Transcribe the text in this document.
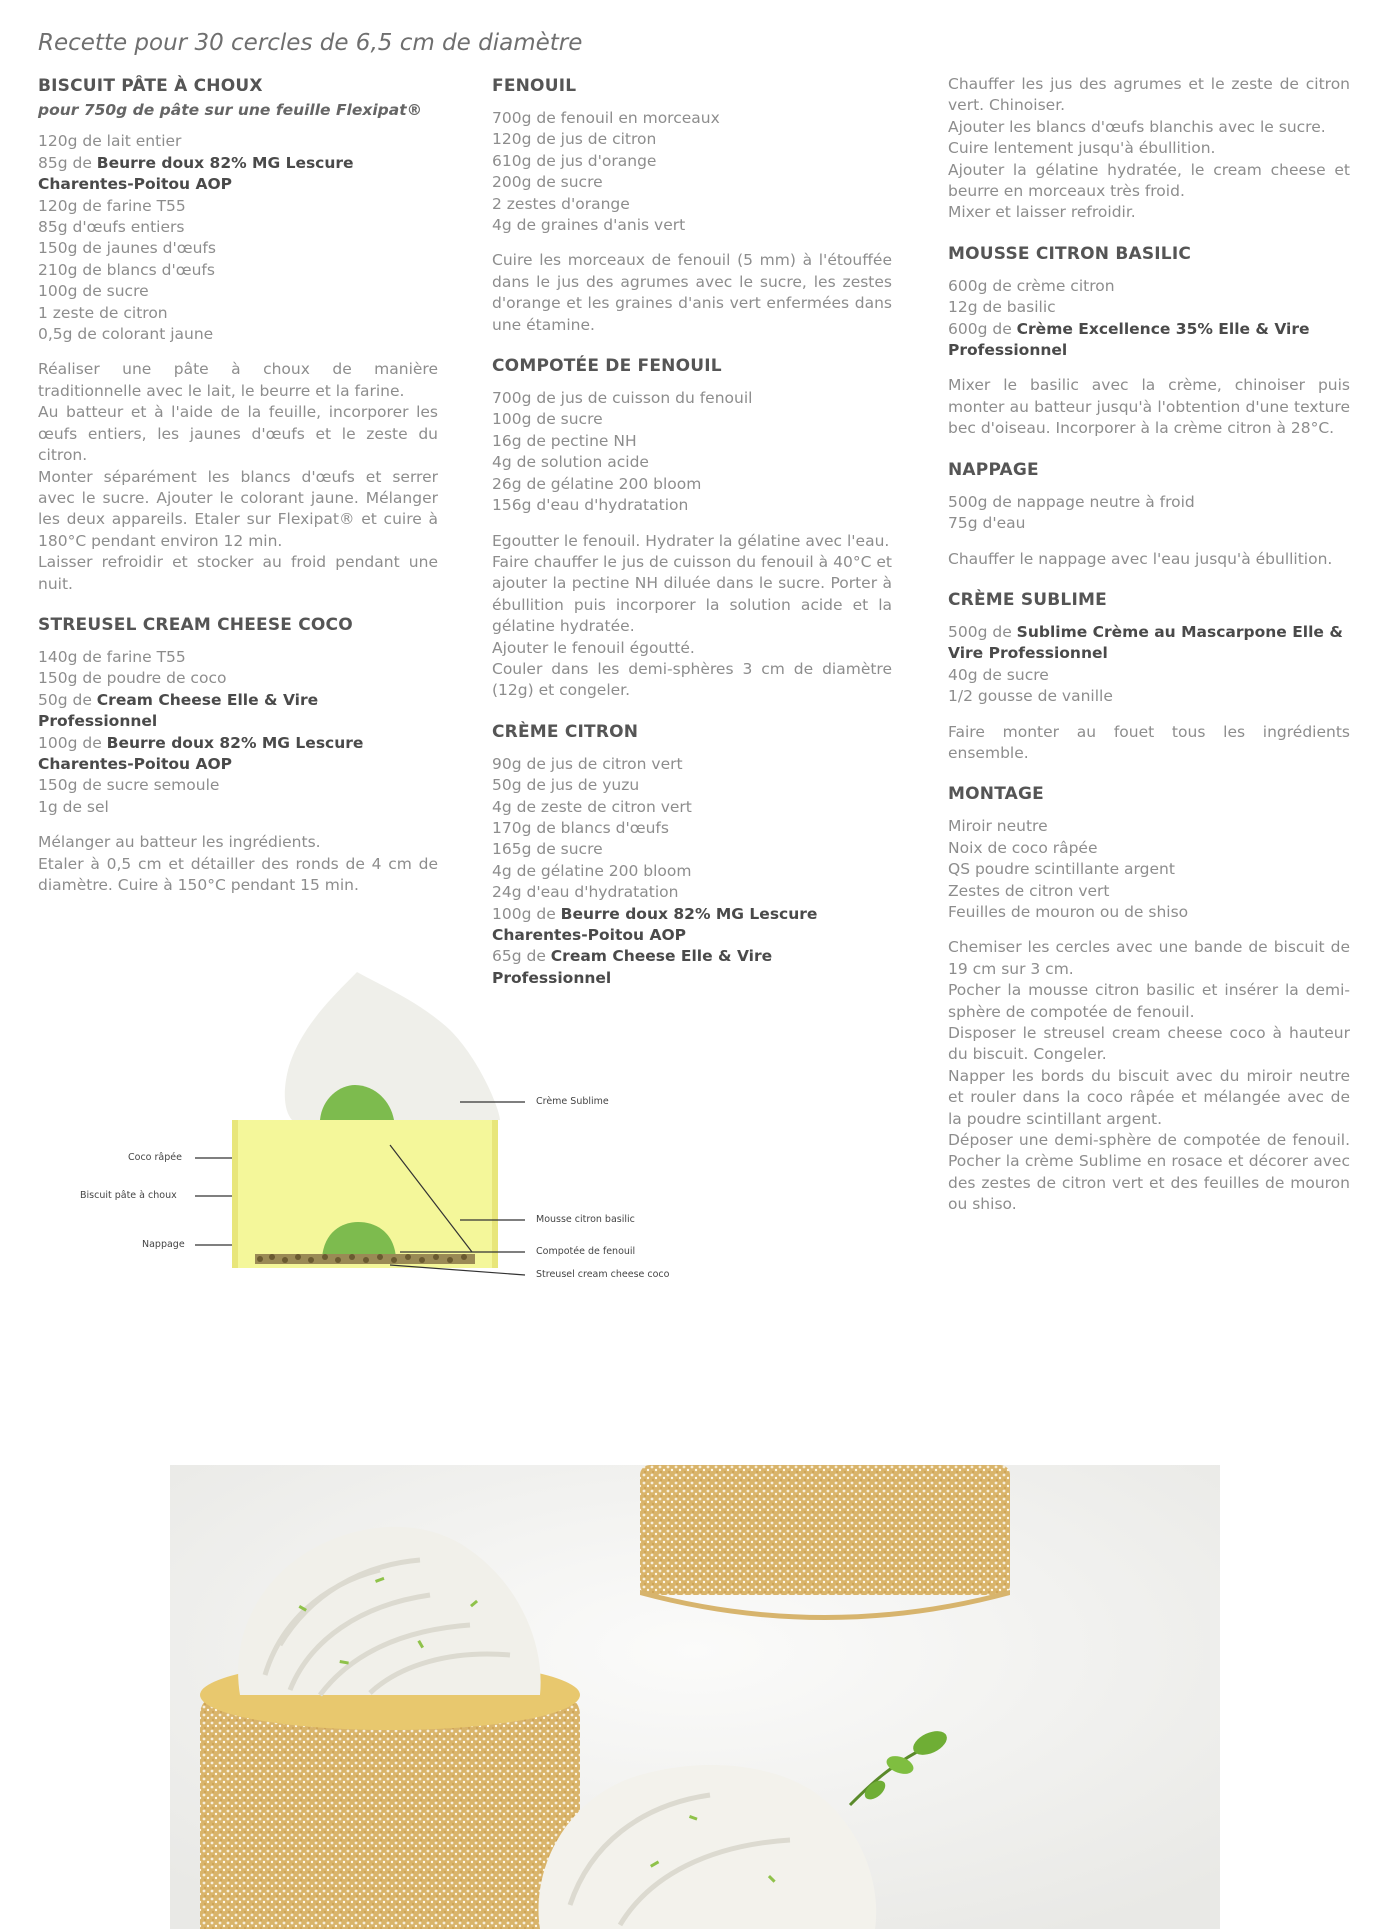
Recette pour 30 cercles de 6,5 cm de diamètre
BISCUIT PÂTE À CHOUX
pour 750g de pâte sur une feuille Flexipat®
120g de lait entier
85g de Beurre doux 82% MG Lescure Charentes-Poitou AOP
120g de farine T55
85g d'œufs entiers
150g de jaunes d'œufs
210g de blancs d'œufs
100g de sucre
1 zeste de citron
0,5g de colorant jaune

Réaliser une pâte à choux de manière traditionnelle avec le lait, le beurre et la farine.

Au batteur et à l'aide de la feuille, incorporer les œufs entiers, les jaunes d'œufs et le zeste du citron.

Monter séparément les blancs d'œufs et serrer avec le sucre. Ajouter le colorant jaune. Mélanger les deux appareils. Etaler sur Flexipat® et cuire à 180°C pendant environ 12 min.

Laisser refroidir et stocker au froid pendant une nuit.

STREUSEL CREAM CHEESE COCO
140g de farine T55
150g de poudre de coco
50g de Cream Cheese Elle & Vire Professionnel
100g de Beurre doux 82% MG Lescure Charentes-Poitou AOP
150g de sucre semoule
1g de sel

Mélanger au batteur les ingrédients.

Etaler à 0,5 cm et détailler des ronds de 4 cm de diamètre. Cuire à 150°C pendant 15 min.

FENOUIL
700g de fenouil en morceaux
120g de jus de citron
610g de jus d'orange
200g de sucre
2 zestes d'orange
4g de graines d'anis vert

Cuire les morceaux de fenouil (5 mm) à l'étouffée dans le jus des agrumes avec le sucre, les zestes d'orange et les graines d'anis vert enfermées dans une étamine.

COMPOTÉE DE FENOUIL
700g de jus de cuisson du fenouil
100g de sucre
16g de pectine NH
4g de solution acide
26g de gélatine 200 bloom
156g d'eau d'hydratation

Egoutter le fenouil. Hydrater la gélatine avec l'eau.

Faire chauffer le jus de cuisson du fenouil à 40°C et ajouter la pectine NH diluée dans le sucre. Porter à ébullition puis incorporer la solution acide et la gélatine hydratée.

Ajouter le fenouil égoutté.

Couler dans les demi-sphères 3 cm de diamètre (12g) et congeler.

CRÈME CITRON
90g de jus de citron vert
50g de jus de yuzu
4g de zeste de citron vert
170g de blancs d'œufs
165g de sucre
4g de gélatine 200 bloom
24g d'eau d'hydratation
100g de Beurre doux 82% MG Lescure Charentes-Poitou AOP
65g de Cream Cheese Elle & Vire Professionnel

Chauffer les jus des agrumes et le zeste de citron vert. Chinoiser.

Ajouter les blancs d'œufs blanchis avec le sucre.

Cuire lentement jusqu'à ébullition.

Ajouter la gélatine hydratée, le cream cheese et beurre en morceaux très froid.

Mixer et laisser refroidir.

MOUSSE CITRON BASILIC
600g de crème citron
12g de basilic
600g de Crème Excellence 35% Elle & Vire Professionnel

Mixer le basilic avec la crème, chinoiser puis monter au batteur jusqu'à l'obtention d'une texture bec d'oiseau. Incorporer à la crème citron à 28°C.

NAPPAGE
500g de nappage neutre à froid
75g d'eau

Chauffer le nappage avec l'eau jusqu'à ébullition.

CRÈME SUBLIME
500g de Sublime Crème au Mascarpone Elle & Vire Professionnel
40g de sucre
1/2 gousse de vanille

Faire monter au fouet tous les ingrédients ensemble.

MONTAGE
Miroir neutre
Noix de coco râpée
QS poudre scintillante argent
Zestes de citron vert
Feuilles de mouron ou de shiso

Chemiser les cercles avec une bande de biscuit de 19 cm sur 3 cm.

Pocher la mousse citron basilic et insérer la demi-sphère de compotée de fenouil.

Disposer le streusel cream cheese coco à hauteur du biscuit. Congeler.

Napper les bords du biscuit avec du miroir neutre et rouler dans la coco râpée et mélangée avec de la poudre scintillant argent.

Déposer une demi-sphère de compotée de fenouil. Pocher la crème Sublime en rosace et décorer avec des zestes de citron vert et des feuilles de mouron ou shiso.

Coco râpée
Biscuit pâte à choux
Nappage
Crème Sublime
Mousse citron basilic
Compotée de fenouil
Streusel cream cheese coco
